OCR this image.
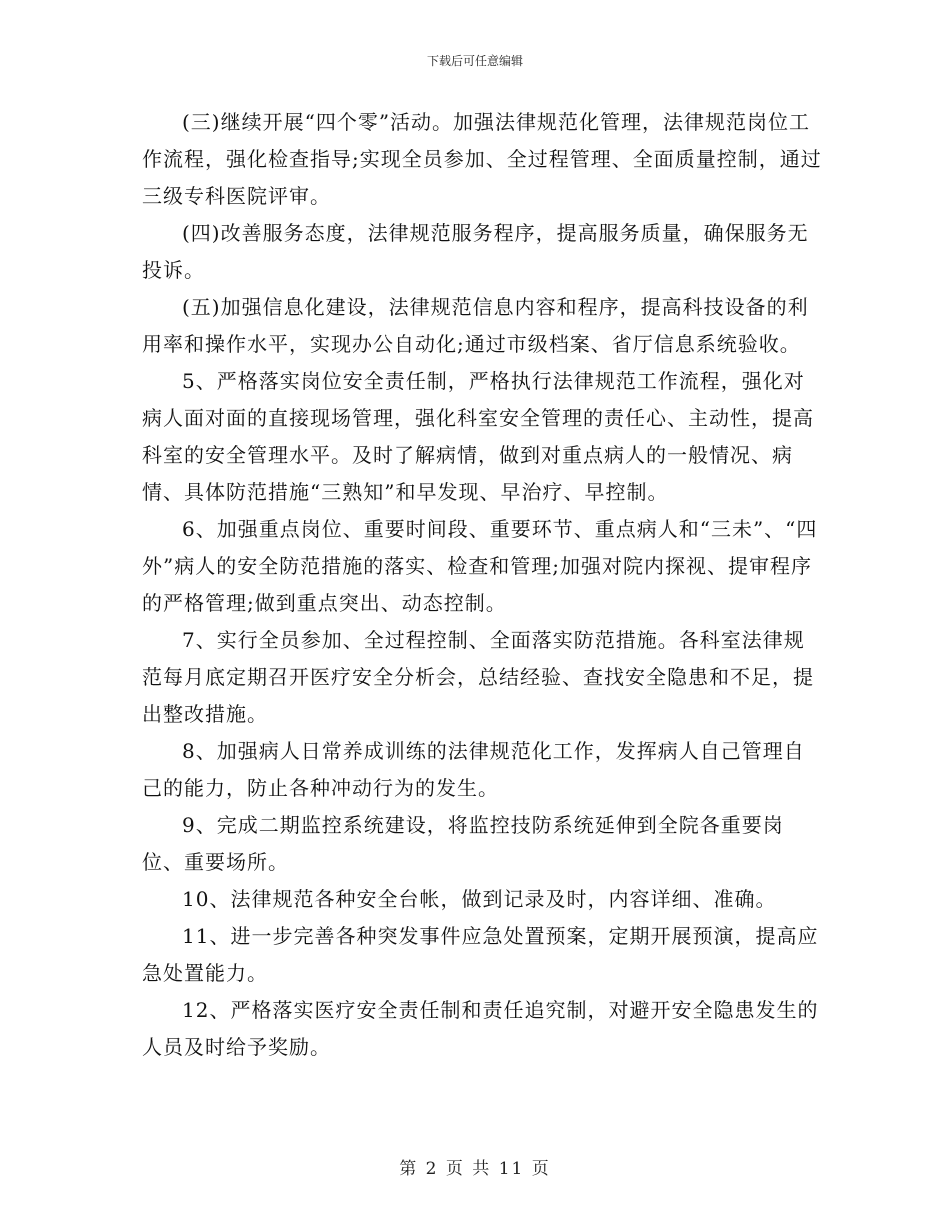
下载后可任意编辑

(三)继续开展“四个零”活动。加强法律规范化管理，法律规范岗位工作流程，强化检查指导;实现全员参加、全过程管理、全面质量控制，通过三级专科医院评审。

(四)改善服务态度，法律规范服务程序，提高服务质量，确保服务无投诉。

(五)加强信息化建设，法律规范信息内容和程序，提高科技设备的利用率和操作水平，实现办公自动化;通过市级档案、省厅信息系统验收。

5、严格落实岗位安全责任制，严格执行法律规范工作流程，强化对病人面对面的直接现场管理，强化科室安全管理的责任心、主动性，提高科室的安全管理水平。及时了解病情，做到对重点病人的一般情况、病情、具体防范措施“三熟知”和早发现、早治疗、早控制。

6、加强重点岗位、重要时间段、重要环节、重点病人和“三未”、“四外”病人的安全防范措施的落实、检查和管理;加强对院内探视、提审程序的严格管理;做到重点突出、动态控制。

7、实行全员参加、全过程控制、全面落实防范措施。各科室法律规范每月底定期召开医疗安全分析会，总结经验、查找安全隐患和不足，提出整改措施。

8、加强病人日常养成训练的法律规范化工作，发挥病人自己管理自己的能力，防止各种冲动行为的发生。

9、完成二期监控系统建设，将监控技防系统延伸到全院各重要岗位、重要场所。

10、法律规范各种安全台帐，做到记录及时，内容详细、准确。

11、进一步完善各种突发事件应急处置预案，定期开展预演，提高应急处置能力。

12、严格落实医疗安全责任制和责任追究制，对避开安全隐患发生的人员及时给予奖励。

第 2 页 共 11 页
